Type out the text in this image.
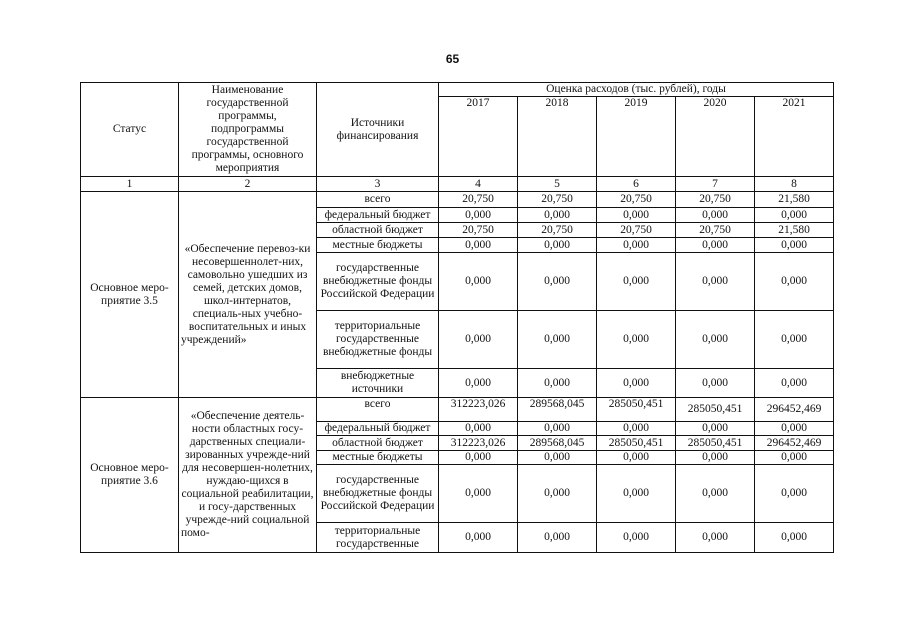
65
Статус	Наименование государственной программы, подпрограммы государственной программы, основного мероприятия	Источники финансирования	Оценка расходов (тыс. рублей), годы				
			2017	2018	2019	2020	2021
1	2	3	4	5	6	7	8
Основное меро-приятие 3.5	«Обеспечение перевоз-ки несовершеннолет-них, самовольно ушедших из семей, детских домов, школ-интернатов, специаль-ных учебно-воспитательных и иных учреждений»	всего	20,750	20,750	20,750	20,750	21,580
		федеральный бюджет	0,000	0,000	0,000	0,000	0,000
		областной бюджет	20,750	20,750	20,750	20,750	21,580
		местные бюджеты	0,000	0,000	0,000	0,000	0,000
		государственные внебюджетные фонды Российской Федерации	0,000	0,000	0,000	0,000	0,000
		территориальные государственные внебюджетные фонды	0,000	0,000	0,000	0,000	0,000
		внебюджетные источники	0,000	0,000	0,000	0,000	0,000
Основное меро-приятие 3.6	«Обеспечение деятель-ности областных госу-дарственных специали-зированных учрежде-ний для несовершен-нолетних, нуждаю-щихся в социальной реабилитации, и госу-дарственных учрежде-ний социальной помо-	всего	312223,026	289568,045	285050,451	285050,451	296452,469
		федеральный бюджет	0,000	0,000	0,000	0,000	0,000
		областной бюджет	312223,026	289568,045	285050,451	285050,451	296452,469
		местные бюджеты	0,000	0,000	0,000	0,000	0,000
		государственные внебюджетные фонды Российской Федерации	0,000	0,000	0,000	0,000	0,000
		территориальные государственные	0,000	0,000	0,000	0,000	0,000
